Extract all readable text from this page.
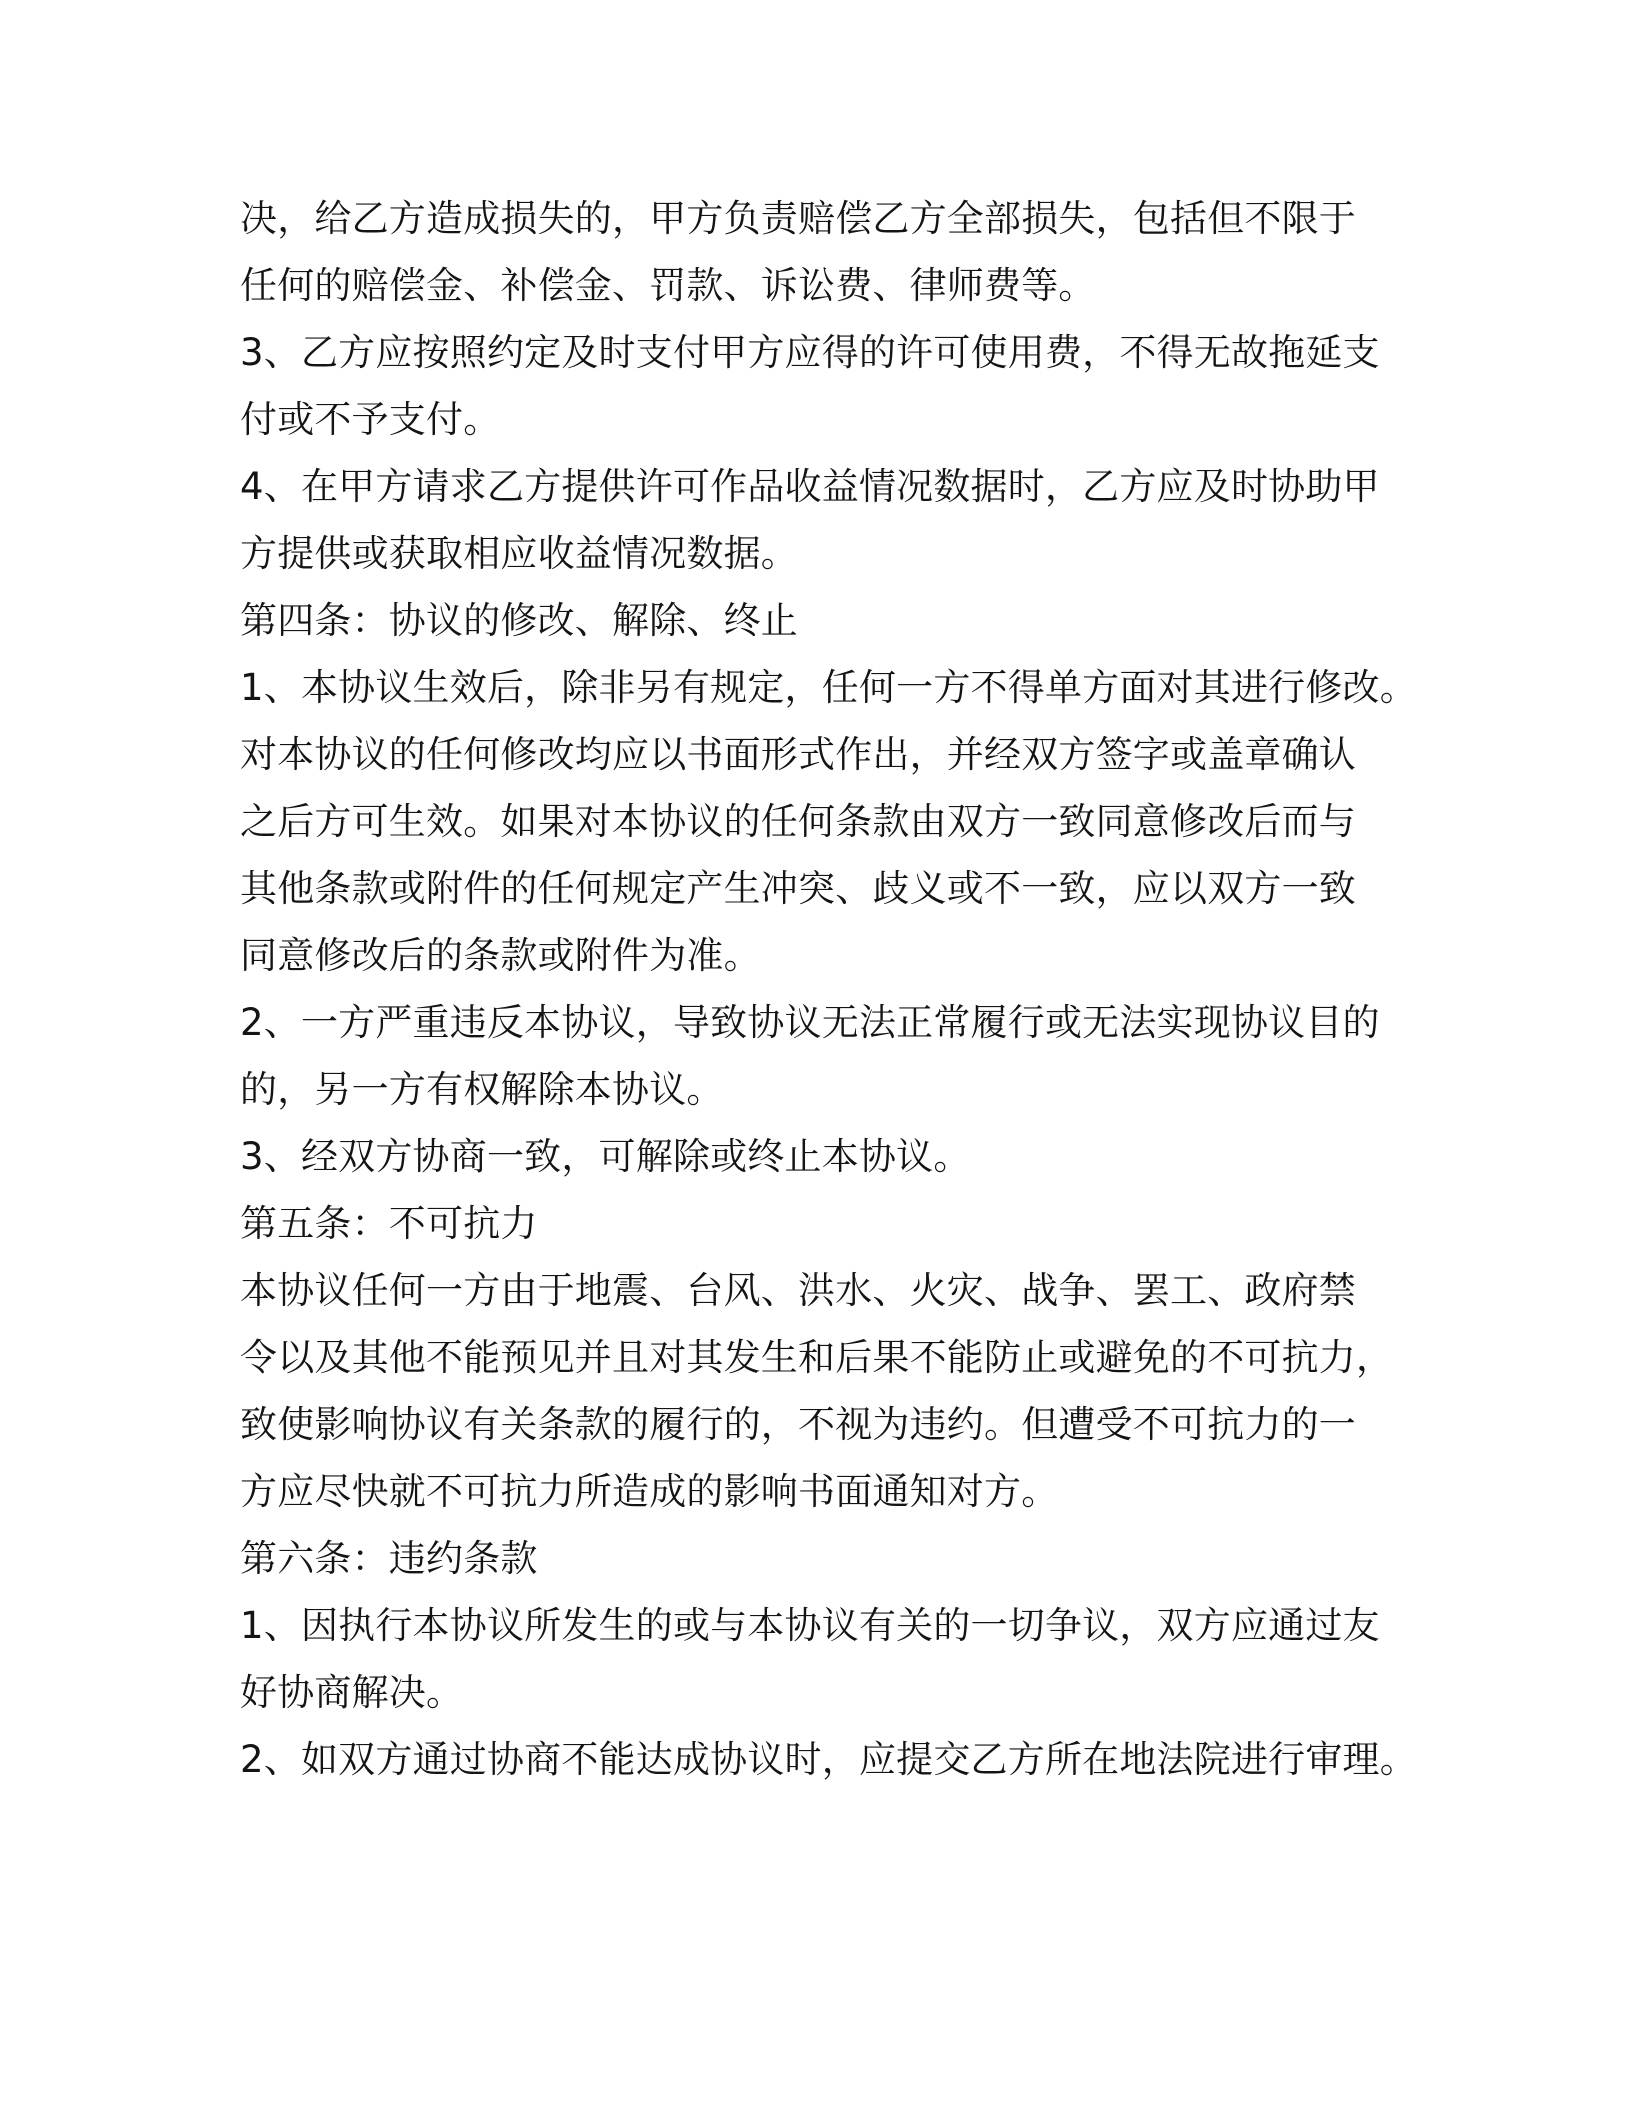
决，给乙方造成损失的，甲方负责赔偿乙方全部损失，包括但不限于
任何的赔偿金、补偿金、罚款、诉讼费、律师费等。
3、乙方应按照约定及时支付甲方应得的许可使用费，不得无故拖延支
付或不予支付。
4、在甲方请求乙方提供许可作品收益情况数据时，乙方应及时协助甲
方提供或获取相应收益情况数据。
第四条：协议的修改、解除、终止
1、本协议生效后，除非另有规定，任何一方不得单方面对其进行修改。
对本协议的任何修改均应以书面形式作出，并经双方签字或盖章确认
之后方可生效。如果对本协议的任何条款由双方一致同意修改后而与
其他条款或附件的任何规定产生冲突、歧义或不一致，应以双方一致
同意修改后的条款或附件为准。
2、一方严重违反本协议，导致协议无法正常履行或无法实现协议目的
的，另一方有权解除本协议。
3、经双方协商一致，可解除或终止本协议。
第五条：不可抗力
本协议任何一方由于地震、台风、洪水、火灾、战争、罢工、政府禁
令以及其他不能预见并且对其发生和后果不能防止或避免的不可抗力，
致使影响协议有关条款的履行的，不视为违约。但遭受不可抗力的一
方应尽快就不可抗力所造成的影响书面通知对方。
第六条：违约条款
1、因执行本协议所发生的或与本协议有关的一切争议，双方应通过友
好协商解决。
2、如双方通过协商不能达成协议时，应提交乙方所在地法院进行审理。
